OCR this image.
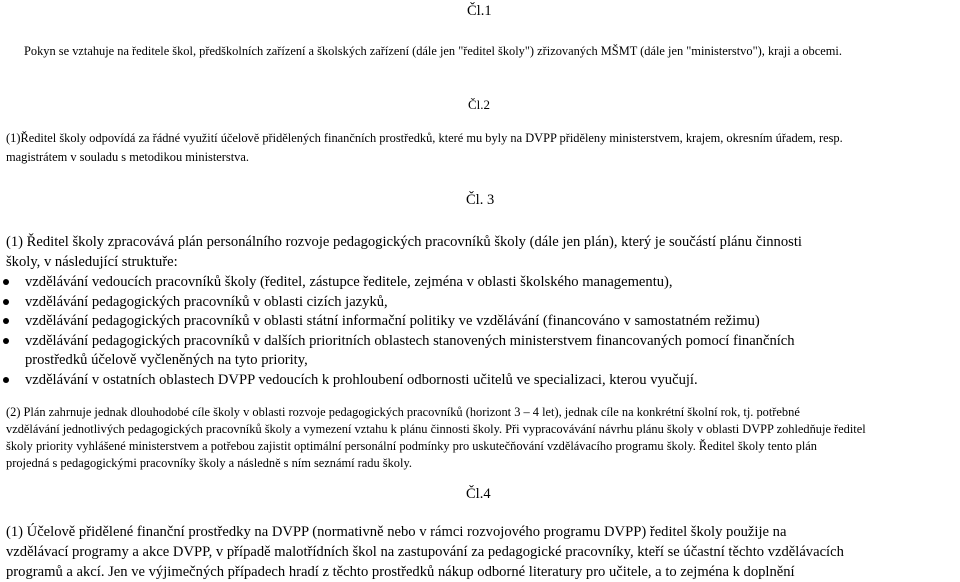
Čl.1
Pokyn se vztahuje na ředitele škol, předškolních zařízení a školských zařízení (dále jen "ředitel školy") zřizovaných MŠMT (dále jen "ministerstvo"), kraji a obcemi.
Čl.2
(1)Ředitel školy odpovídá za řádné využití účelově přidělených finančních prostředků, které mu byly na DVPP přiděleny ministerstvem, krajem, okresním úřadem, resp.
magistrátem v souladu s metodikou ministerstva.
Čl. 3
(1) Ředitel školy zpracovává plán personálního rozvoje pedagogických pracovníků školy (dále jen plán), který je součástí plánu činnosti
školy, v následující struktuře:
vzdělávání vedoucích pracovníků školy (ředitel, zástupce ředitele, zejména v oblasti školského managementu),
vzdělávání pedagogických pracovníků v oblasti cizích jazyků,
vzdělávání pedagogických pracovníků v oblasti státní informační politiky ve vzdělávání (financováno v samostatném režimu)
vzdělávání pedagogických pracovníků v dalších prioritních oblastech stanovených ministerstvem financovaných pomocí finančních
prostředků účelově vyčleněných na tyto priority,
vzdělávání v ostatních oblastech DVPP vedoucích k prohloubení odbornosti učitelů ve specializaci, kterou vyučují.
(2) Plán zahrnuje jednak dlouhodobé cíle školy v oblasti rozvoje pedagogických pracovníků (horizont 3 – 4 let), jednak cíle na konkrétní školní rok, tj. potřebné
vzdělávání jednotlivých pedagogických pracovníků školy a vymezení vztahu k plánu činnosti školy. Při vypracovávání návrhu plánu školy v oblasti DVPP zohledňuje ředitel
školy priority vyhlášené ministerstvem a potřebou zajistit optimální personální podmínky pro uskutečňování vzdělávacího programu školy. Ředitel školy tento plán
projedná s pedagogickými pracovníky školy a následně s ním seznámí radu školy.
Čl.4
(1) Účelově přidělené finanční prostředky na DVPP (normativně nebo v rámci rozvojového programu DVPP) ředitel školy použije na
vzdělávací programy a akce DVPP, v případě malotřídních škol na zastupování za pedagogické pracovníky, kteří se účastní těchto vzdělávacích
programů a akcí. Jen ve výjimečných případech hradí z těchto prostředků nákup odborné literatury pro učitele, a to zejména k doplnění
